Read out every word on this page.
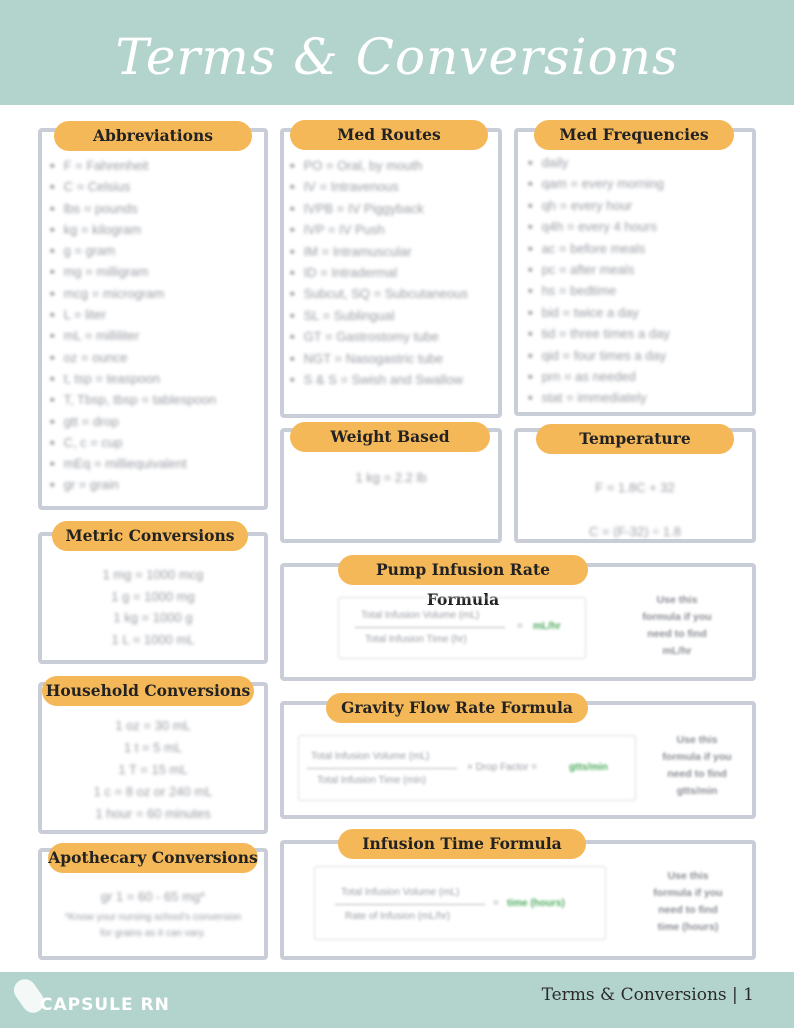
Terms & Conversions
Abbreviations
• F = Fahrenheit
• C = Celsius
• lbs = pounds
• kg = kilogram
• g = gram
• mg = milligram
• mcg = microgram
• L = liter
• mL = milliliter
• oz = ounce
• t, tsp = teaspoon
• T, Tbsp, tbsp = tablespoon
• gtt = drop
• C, c = cup
• mEq = milliequivalent
• gr = grain
Med Routes
• PO = Oral, by mouth
• IV = Intravenous
• IVPB = IV Piggyback
• IVP = IV Push
• IM = Intramuscular
• ID = Intradermal
• Subcut, SQ = Subcutaneous
• SL = Sublingual
• GT = Gastrostomy tube
• NGT = Nasogastric tube
• S & S = Swish and Swallow
Med Frequencies
• daily
• qam = every morning
• qh = every hour
• q4h = every 4 hours
• ac = before meals
• pc = after meals
• hs = bedtime
• bid = twice a day
• tid = three times a day
• qid = four times a day
• prn = as needed
• stat = immediately
Weight Based
1 kg = 2.2 lb
Temperature
F = 1.8C + 32
C = (F-32) ÷ 1.8
Metric Conversions
1 mg = 1000 mcg
1 g = 1000 mg
1 kg = 1000 g
1 L = 1000 mL
Household Conversions
1 oz = 30 mL
1 t = 5 mL
1 T = 15 mL
1 c = 8 oz or 240 mL
1 hour = 60 minutes
Apothecary Conversions
gr 1 = 60 - 65 mg*
*Know your nursing school's conversion
for grains as it can vary.
Pump Infusion Rate Formula
Total Infusion Volume (mL)
Total Infusion Time (hr)
= mL/hr
Use this
formula if you
need to find
mL/hr
Gravity Flow Rate Formula
Total Infusion Volume (mL)
Total Infusion Time (min)
× Drop Factor =	gtts/min
Use this
formula if you
need to find
gtts/min
Infusion Time Formula
Total Infusion Volume (mL)
Rate of Infusion (mL/hr)
= time (hours)
Use this
formula if you
need to find
time (hours)
CAPSULE RN	Terms & Conversions | 1
